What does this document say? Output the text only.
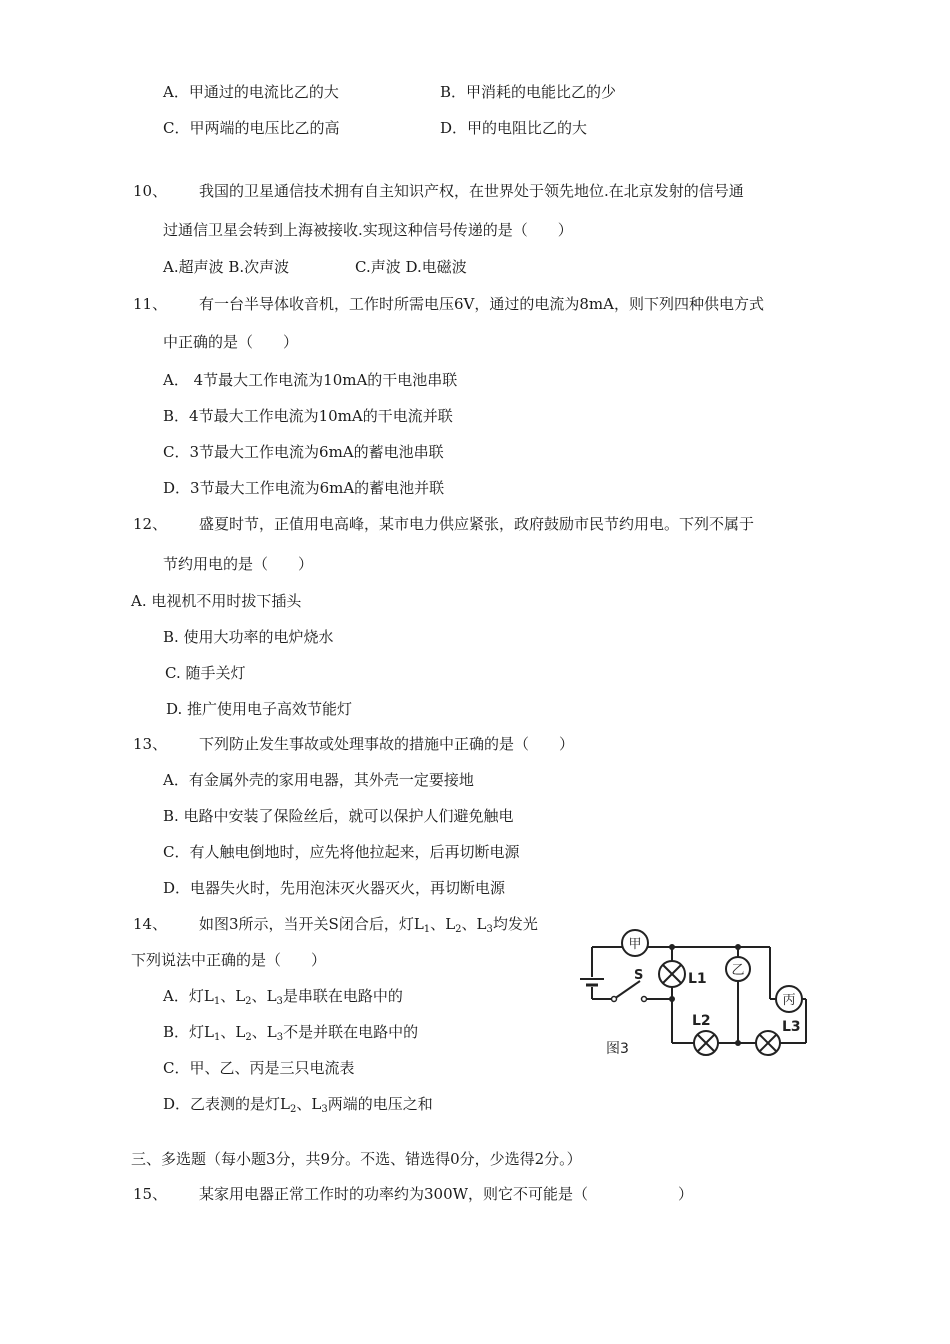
A．甲通过的电流比乙的大	B．甲消耗的电能比乙的少
C．甲两端的电压比乙的高	D．甲的电阻比乙的大
10、 我国的卫星通信技术拥有自主知识产权，在世界处于领先地位.在北京发射的信号通
过通信卫星会转到上海被接收.实现这种信号传递的是（　　）
A.超声波 B.次声波	C.声波 D.电磁波
11、 有一台半导体收音机，工作时所需电压6V，通过的电流为8mA，则下列四种供电方式
中正确的是（　　）
A． 4节最大工作电流为10mA的干电池串联
B．4节最大工作电流为10mA的干电流并联
C．3节最大工作电流为6mA的蓄电池串联
D．3节最大工作电流为6mA的蓄电池并联
12、 盛夏时节，正值用电高峰，某市电力供应紧张，政府鼓励市民节约用电。下列不属于
节约用电的是（　　）
A. 电视机不用时拔下插头
B. 使用大功率的电炉烧水
C. 随手关灯
D. 推广使用电子高效节能灯
13、 下列防止发生事故或处理事故的措施中正确的是（　　）
A．有金属外壳的家用电器，其外壳一定要接地
B. 电路中安装了保险丝后，就可以保护人们避免触电
C．有人触电倒地时，应先将他拉起来，后再切断电源
D．电器失火时，先用泡沫灭火器灭火，再切断电源
14、 如图3所示，当开关S闭合后，灯$L_1$、$L_2$、$L_3$均发光
下列说法中正确的是（　　）
A．灯$L_1$、$L_2$、$L_3$是串联在电路中的
B．灯$L_1$、$L_2$、$L_3$不是并联在电路中的
C．甲、乙、丙是三只电流表
D．乙表测的是灯$L_2$、$L_3$两端的电压之和
甲
乙
丙
L1
L2	L3
S
图3
三、多选题（每小题3分，共9分。不选、错选得0分，少选得2分。）
15、 某家用电器正常工作时的功率约为300W，则它不可能是（　　　　　　）
